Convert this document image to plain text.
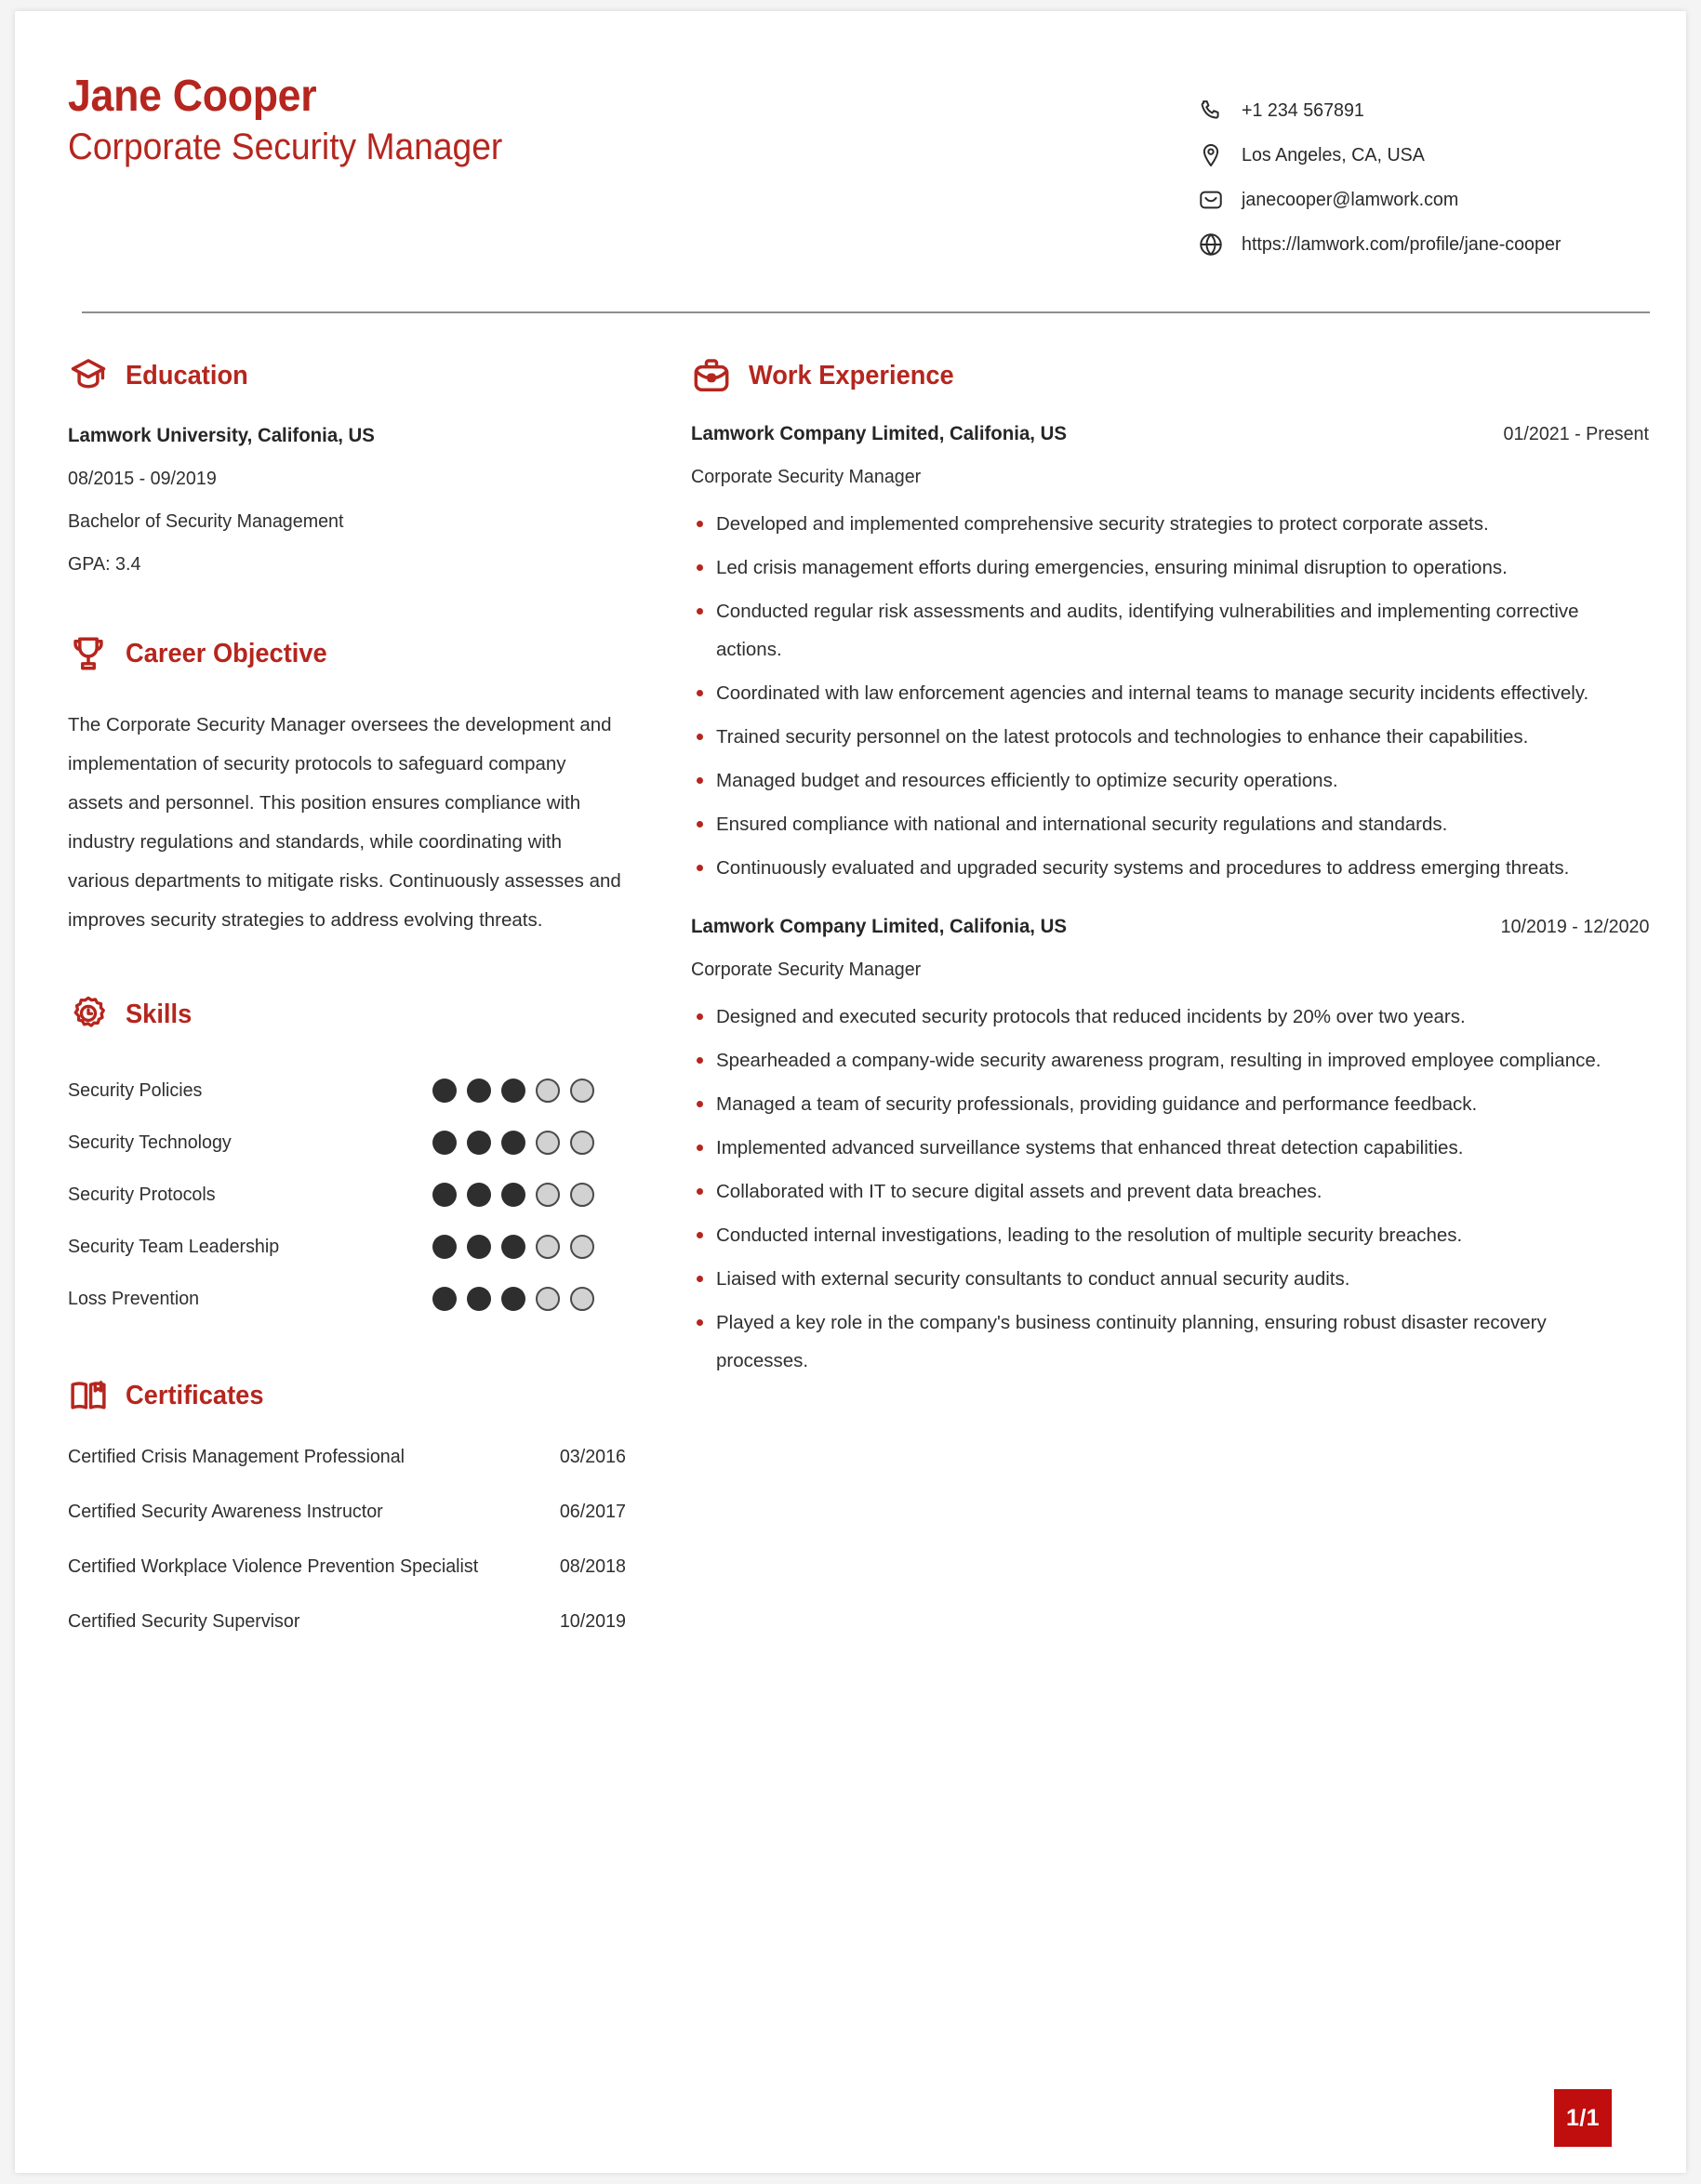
Jane Cooper
Corporate Security Manager
+1 234 567891
Los Angeles, CA, USA
janecooper@lamwork.com
https://lamwork.com/profile/jane-cooper
Education
Lamwork University, Califonia, US
08/2015 - 09/2019
Bachelor of Security Management
GPA: 3.4
Career Objective
The Corporate Security Manager oversees the development and implementation of security protocols to safeguard company assets and personnel. This position ensures compliance with industry regulations and standards, while coordinating with various departments to mitigate risks. Continuously assesses and improves security strategies to address evolving threats.
Skills
Security Policies
Security Technology
Security Protocols
Security Team Leadership
Loss Prevention
Certificates
Certified Crisis Management Professional	03/2016
Certified Security Awareness Instructor	06/2017
Certified Workplace Violence Prevention Specialist	08/2018
Certified Security Supervisor	10/2019
Work Experience
Lamwork Company Limited, Califonia, US	01/2021 - Present
Corporate Security Manager
Developed and implemented comprehensive security strategies to protect corporate assets.
Led crisis management efforts during emergencies, ensuring minimal disruption to operations.
Conducted regular risk assessments and audits, identifying vulnerabilities and implementing corrective actions.
Coordinated with law enforcement agencies and internal teams to manage security incidents effectively.
Trained security personnel on the latest protocols and technologies to enhance their capabilities.
Managed budget and resources efficiently to optimize security operations.
Ensured compliance with national and international security regulations and standards.
Continuously evaluated and upgraded security systems and procedures to address emerging threats.
Lamwork Company Limited, Califonia, US	10/2019 - 12/2020
Corporate Security Manager
Designed and executed security protocols that reduced incidents by 20% over two years.
Spearheaded a company-wide security awareness program, resulting in improved employee compliance.
Managed a team of security professionals, providing guidance and performance feedback.
Implemented advanced surveillance systems that enhanced threat detection capabilities.
Collaborated with IT to secure digital assets and prevent data breaches.
Conducted internal investigations, leading to the resolution of multiple security breaches.
Liaised with external security consultants to conduct annual security audits.
Played a key role in the company's business continuity planning, ensuring robust disaster recovery processes.
1/1
